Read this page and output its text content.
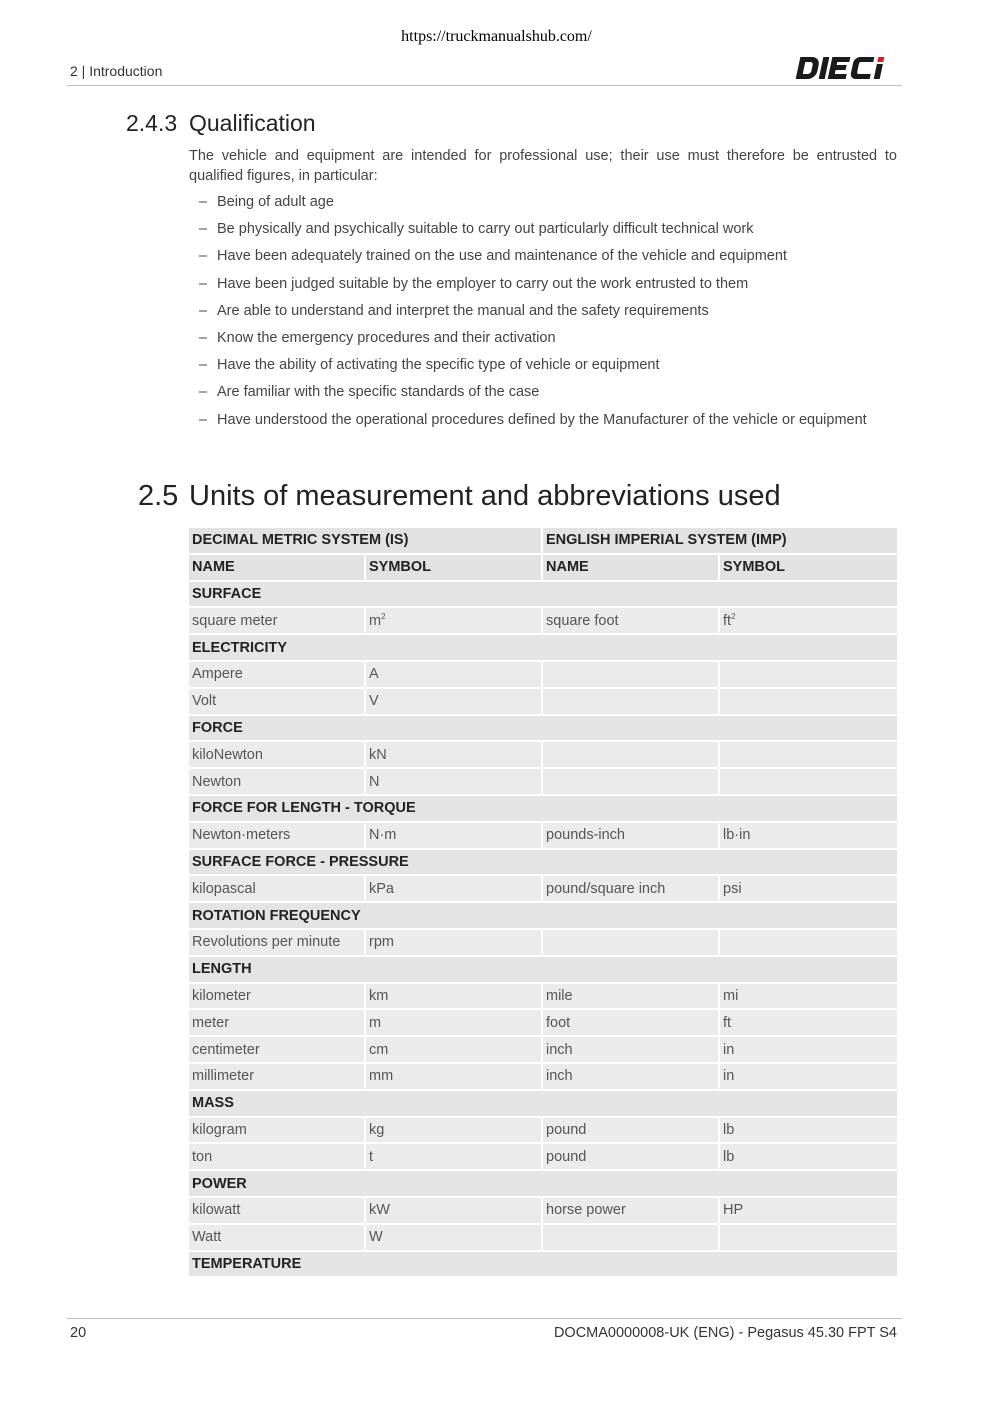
https://truckmanualshub.com/
2 | Introduction
2.4.3 Qualification
The vehicle and equipment are intended for professional use; their use must therefore be entrusted to qualified figures, in particular:
– Being of adult age
– Be physically and psychically suitable to carry out particularly difficult technical work
– Have been adequately trained on the use and maintenance of the vehicle and equipment
– Have been judged suitable by the employer to carry out the work entrusted to them
– Are able to understand and interpret the manual and the safety requirements
– Know the emergency procedures and their activation
– Have the ability of activating the specific type of vehicle or equipment
– Are familiar with the specific standards of the case
– Have understood the operational procedures defined by the Manufacturer of the vehicle or equipment
2.5 Units of measurement and abbreviations used
DECIMAL METRIC SYSTEM (IS)		ENGLISH IMPERIAL SYSTEM (IMP)	
NAME	SYMBOL	NAME	SYMBOL
SURFACE			
square meter	$m^2$	square foot	$ft^2$
ELECTRICITY			
Ampere	A		
Volt	V		
FORCE			
kiloNewton	kN		
Newton	N		
FORCE FOR LENGTH - TORQUE			
Newton·meters	N·m	pounds-inch	lb·in
SURFACE FORCE - PRESSURE			
kilopascal	kPa	pound/square inch	psi
ROTATION FREQUENCY			
Revolutions per minute	rpm		
LENGTH			
kilometer	km	mile	mi
meter	m	foot	ft
centimeter	cm	inch	in
millimeter	mm	inch	in
MASS			
kilogram	kg	pound	lb
ton	t	pound	lb
POWER			
kilowatt	kW	horse power	HP
Watt	W		
TEMPERATURE			
20	DOCMA0000008-UK (ENG) - Pegasus 45.30 FPT S4
